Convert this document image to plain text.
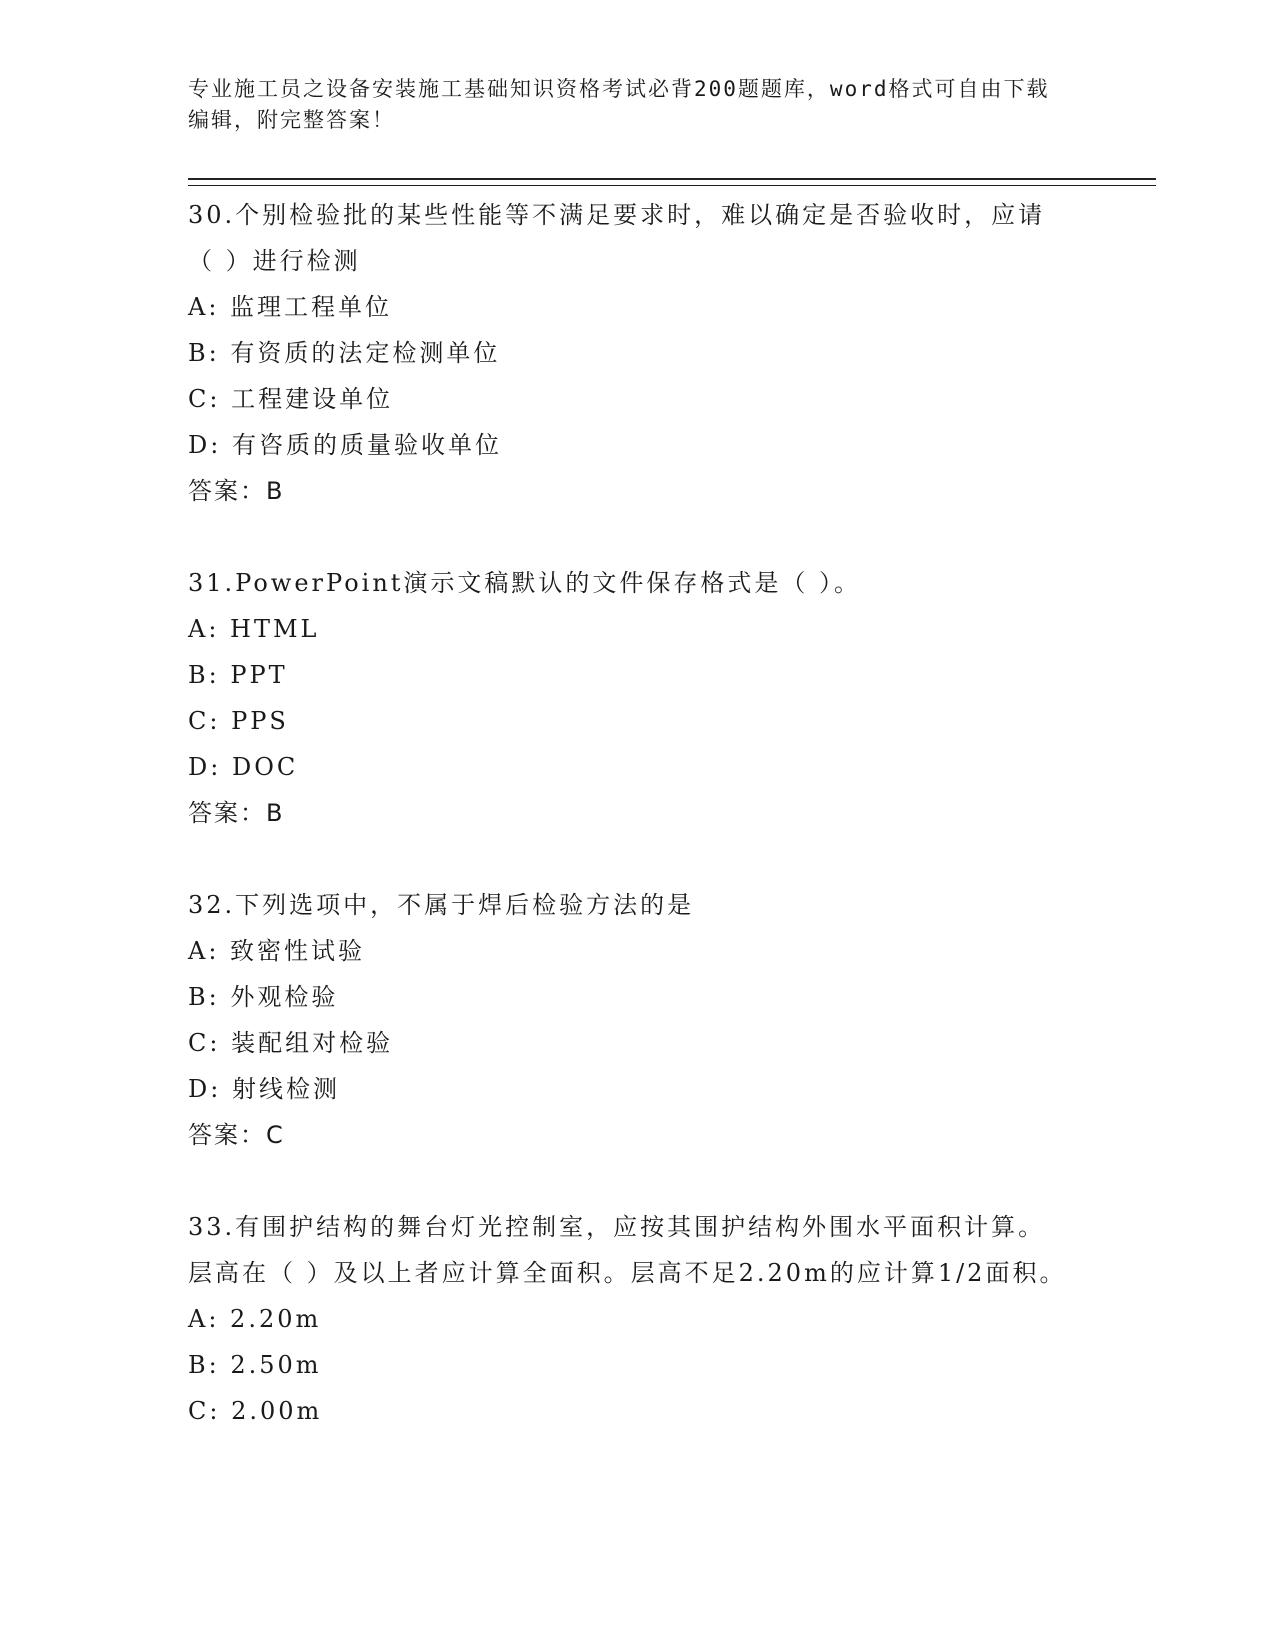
专业施工员之设备安装施工基础知识资格考试必背200题题库，word格式可自由下载编辑，附完整答案！
30.个别检验批的某些性能等不满足要求时，难以确定是否验收时，应请（ ）进行检测
A: 监理工程单位
B: 有资质的法定检测单位
C: 工程建设单位
D: 有咨质的质量验收单位
答案：B
31.PowerPoint演示文稿默认的文件保存格式是（ ）。
A: HTML
B: PPT
C: PPS
D: DOC
答案：B
32.下列选项中，不属于焊后检验方法的是
A: 致密性试验
B: 外观检验
C: 装配组对检验
D: 射线检测
答案：C
33.有围护结构的舞台灯光控制室，应按其围护结构外围水平面积计算。层高在（ ）及以上者应计算全面积。层高不足2.20m的应计算1/2面积。
A: 2.20m
B: 2.50m
C: 2.00m
